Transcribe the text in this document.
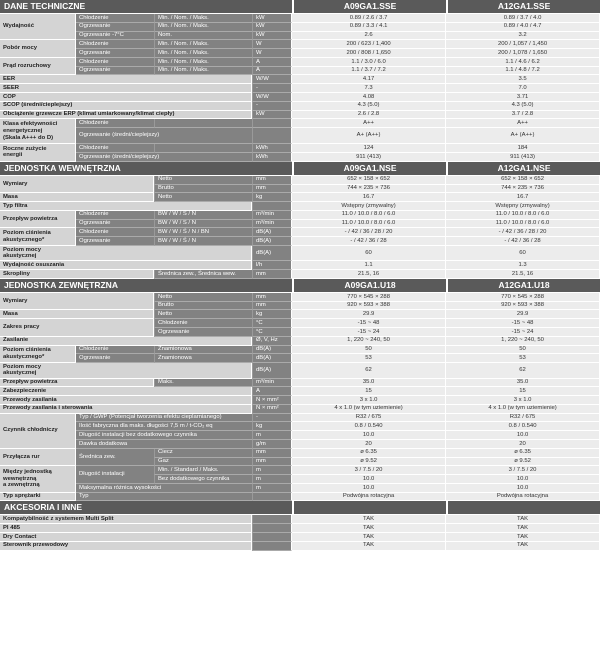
DANE TECHNICZNE				A09GA1.SSE	A12GA1.SSE
Wydajność	Chłodzenie	Min. / Nom. / Maks.	kW	0.89 / 2.6 / 3.7	0.89 / 3.7 / 4.0
	Ogrzewanie	Min. / Nom. / Maks.	kW	0.89 / 3.3 / 4.1	0.89 / 4.0 / 4.7
	Ogrzewanie -7°C	Nom.	kW	2.6	3.2
Pobór mocy	Chłodzenie	Min. / Nom. / Maks.	W	200 / 623 / 1,400	200 / 1,057 / 1,450
	Ogrzewanie	Min. / Nom. / Maks.	W	200 / 808 / 1,650	200 / 1,078 / 1,650
Prąd rozruchowy	Chłodzenie	Min. / Nom. / Maks.	A	1.1 / 3.0 / 6.0	1.1 / 4.6 / 6.2
	Ogrzewanie	Min. / Nom. / Maks.	A	1.1 / 3.7 / 7.2	1.1 / 4.8 / 7.2
EER			W/W	4.17	3.5
SEER			-	7.3	7.0
COP			W/W	4.08	3.71
SCOP (średni/cieplejszy)			-	4.3 (5.0)	4.3 (5.0)
Obciążenie grzewcze ERP (klimat umiarkowany/klimat ciepły)			kW	2.6 / 2.8	3.7 / 2.8

Klasa efektywności
energetycznej
(Skala A+++ do D)	Chłodzenie			A++	A++
	Ogrzewanie (średni/cieplejszy)			A+ (A++)	A+ (A++)

Roczne zużycie
energii	Chłodzenie		kWh	124	184
	Ogrzewanie (średni/cieplejszy)		kWh	911 (413)	911 (413)
JEDNOSTKA WEWNĘTRZNA				A09GA1.NSE	A12GA1.NSE
Wymiary		Netto	mm	652 × 158 × 652	652 × 158 × 652
		Brutto	mm	744 × 235 × 736	744 × 235 × 736
Masa		Netto	kg	16.7	16.7
Typ filtra				Wstępny (zmywalny)	Wstępny (zmywalny)
Przepływ powietrza	Chłodzenie	BW / W / Ś / N	m³/min	11.0 / 10.0 / 8.0 / 6.0	11.0 / 10.0 / 8.0 / 6.0
	Ogrzewanie	BW / W / Ś / N	m³/min	11.0 / 10.0 / 8.0 / 6.0	11.0 / 10.0 / 8.0 / 6.0

Poziom ciśnienia
akustycznego*	Chłodzenie	BW / W / Ś / N / BN	dB(A)	- / 42 / 36 / 28 / 20	- / 42 / 36 / 28 / 20
	Ogrzewanie	BW / W / Ś / N	dB(A)	- / 42 / 36 / 28	- / 42 / 36 / 28

Poziom mocy
akustycznej			dB(A)	60	60
Wydajność osuszania			l/h	1.1	1.3
Skropliny		Średnica zew., Średnica wew.	mm	21.5, 16	21.5, 16
JEDNOSTKA ZEWNĘTRZNA				A09GA1.U18	A12GA1.U18
Wymiary		Netto	mm	770 × 545 × 288	770 × 545 × 288
		Brutto	mm	920 × 593 × 388	920 × 593 × 388
Masa		Netto	kg	29.9	29.9
Zakres pracy		Chłodzenie	°C	-15 ~ 48	-15 ~ 48
		Ogrzewanie	°C	-15 ~ 24	-15 ~ 24
Zasilanie			Ø, V, Hz	1, 220 ~ 240, 50	1, 220 ~ 240, 50

Poziom ciśnienia
akustycznego*	Chłodzenie	Znamionowa	dB(A)	50	50
	Ogrzewanie	Znamionowa	dB(A)	53	53

Poziom mocy
akustycznej			dB(A)	62	62
Przepływ powietrza		Maks.	m³/min	35.0	35.0
Zabezpieczenie			A	15	15
Przewody zasilania			N × mm²	3 x 1.0	3 x 1.0
Przewody zasilania i sterowania			N × mm²	4 x 1.0 (w tym uziemienie)	4 x 1.0 (w tym uziemienie)
Czynnik chłodniczy	Typ / GWP (Potencjał tworzenia efektu cieplarnianego)		-	R32 / 675	R32 / 675
	Ilość fabryczna dla maks. długości 7,5 m / t-CO₂ eq		kg	0.8 / 0.540	0.8 / 0.540
	Długość instalacji bez dodatkowego czynnika		m	10.0	10.0
	Dawka dodatkowa		g/m	20	20
Przyłącza rur	Średnica zew.	Ciecz	mm	ø 6.35	ø 6.35
		Gaz	mm	ø 9.52	ø 9.52

Między jednostką
wewnętrzną
a zewnętrzną	Długość instalacji	Min. / Standard / Maks.	m	3 / 7.5 / 20	3 / 7.5 / 20
		Bez dodatkowego czynnika	m	10.0	10.0
	Maksymalna różnica wysokości		m	10.0	10.0
Typ sprężarki	Typ			Podwójna rotacyjna	Podwójna rotacyjna
AKCESORIA I INNE					
Kompatybilność z systemem Multi Split				TAK	TAK
PI 485				TAK	TAK
Dry Contact				TAK	TAK
Sterownik przewodowy				TAK	TAK
